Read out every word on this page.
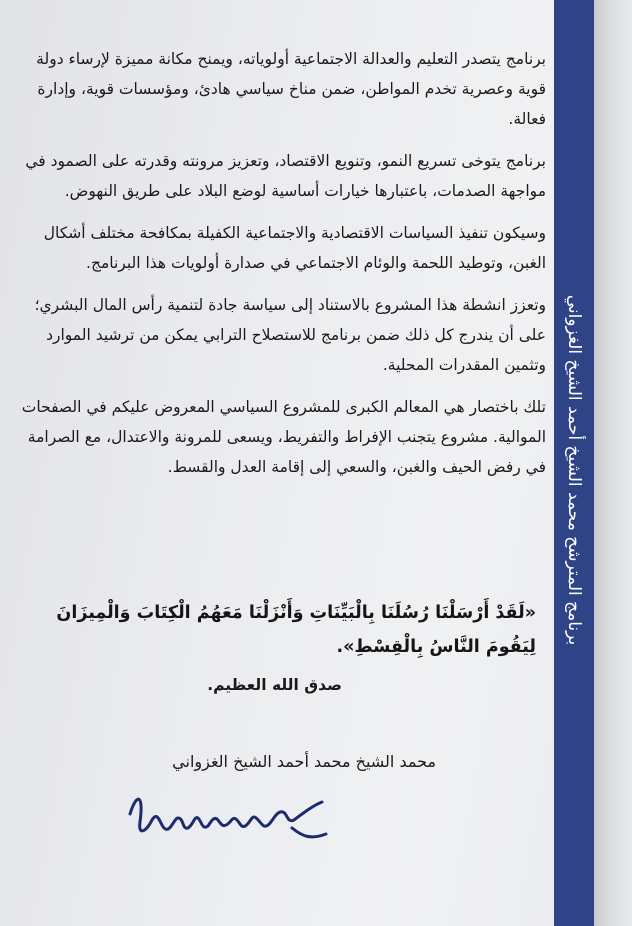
برنامج المترشح محمد الشيخ أحمد الشيخ الغزواني

برنامج يتصدر التعليم والعدالة الاجتماعية أولوياته، ويمنح مكانة مميزة لإرساء دولة قوية وعصرية تخدم المواطن، ضمن مناخ سياسي هادئ، ومؤسسات قوية، وإدارة فعالة.

برنامج يتوخى تسريع النمو، وتنويع الاقتصاد، وتعزيز مرونته وقدرته على الصمود في مواجهة الصدمات، باعتبارها خيارات أساسية لوضع البلاد على طريق النهوض.

وسيكون تنفيذ السياسات الاقتصادية والاجتماعية الكفيلة بمكافحة مختلف أشكال الغبن، وتوطيد اللحمة والوئام الاجتماعي في صدارة أولويات هذا البرنامج.

وتعزز انشطة هذا المشروع بالاستناد إلى سياسة جادة لتنمية رأس المال البشري؛ على أن يندرج كل ذلك ضمن برنامج للاستصلاح الترابي يمكن من ترشيد الموارد وتثمين المقدرات المحلية.

تلك باختصار هي المعالم الكبرى للمشروع السياسي المعروض عليكم في الصفحات الموالية. مشروع يتجنب الإفراط والتفريط، ويسعى للمرونة والاعتدال، مع الصرامة في رفض الحيف والغبن، والسعي إلى إقامة العدل والقسط.

«لَقَدْ أَرْسَلْنَا رُسُلَنَا بِالْبَيِّنَاتِ وَأَنْزَلْنَا مَعَهُمُ الْكِتَابَ وَالْمِيزَانَ لِيَقُومَ النَّاسُ بِالْقِسْطِ».
صدق الله العظيم.
محمد الشيخ محمد أحمد الشيخ الغزواني
